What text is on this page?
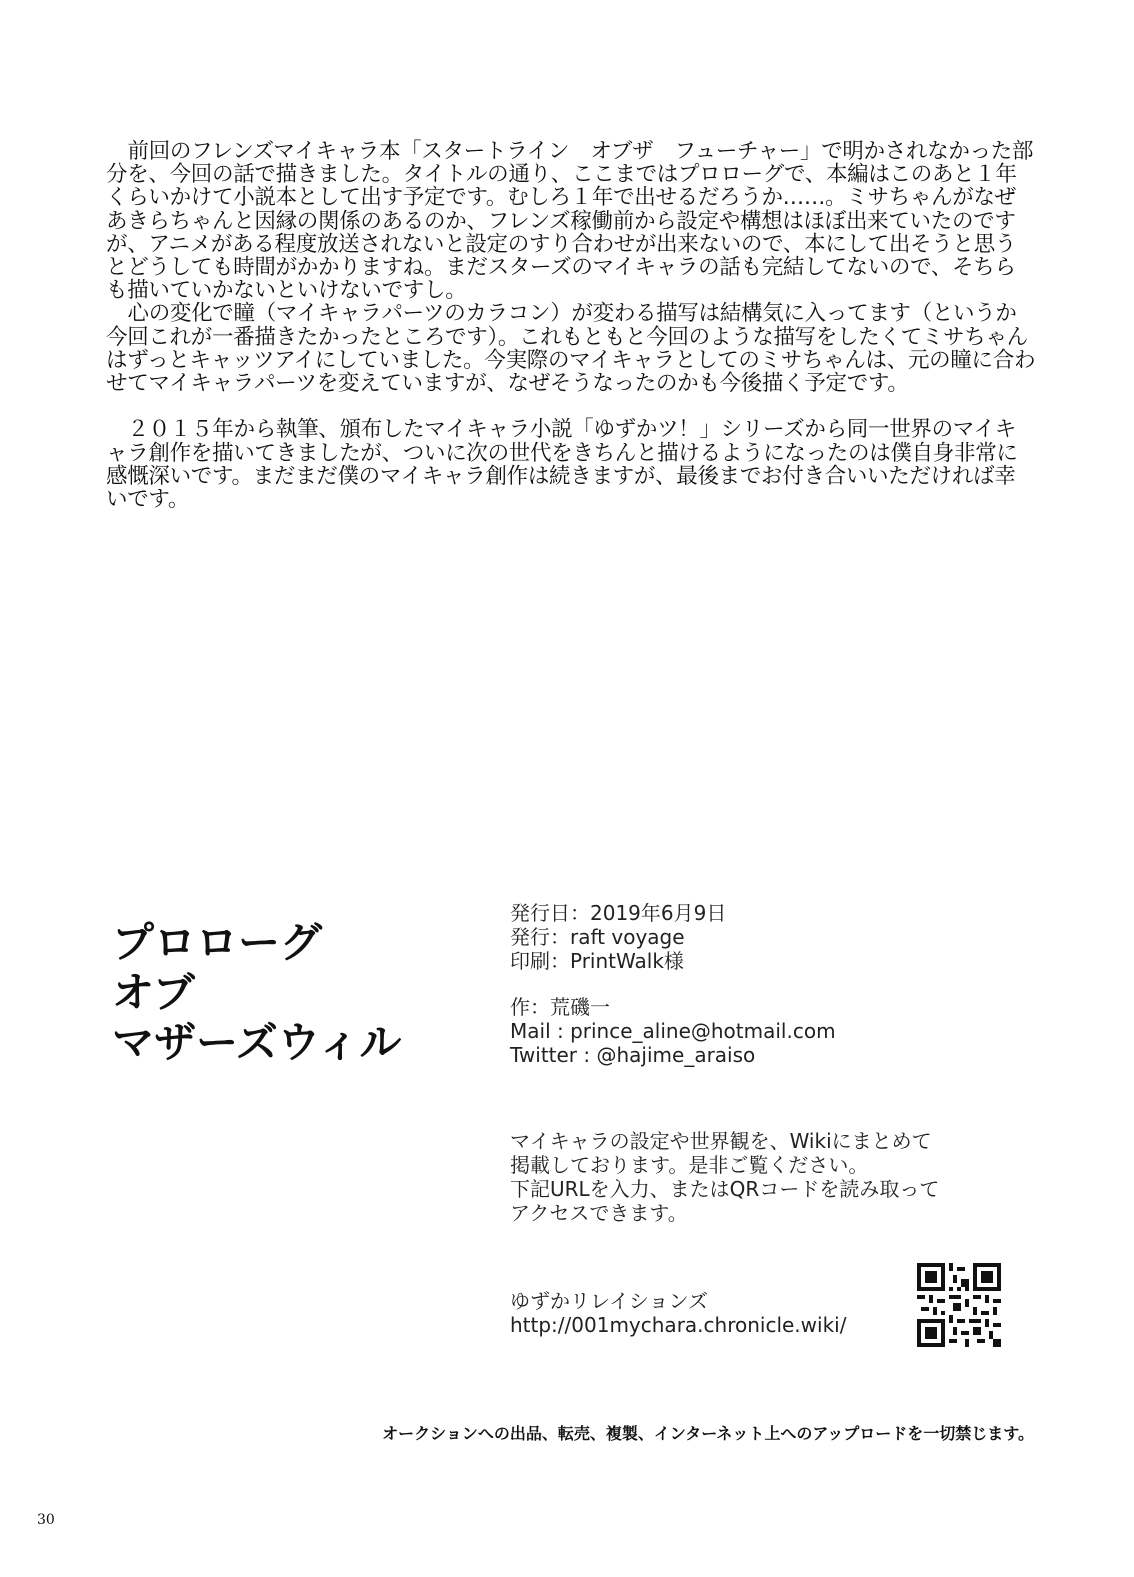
前回のフレンズマイキャラ本「スタートライン　オブザ　フューチャー」で明かされなかった部分を、今回の話で描きました。タイトルの通り、ここまではプロローグで、本編はこのあと１年くらいかけて小説本として出す予定です。むしろ１年で出せるだろうか……。ミサちゃんがなぜあきらちゃんと因縁の関係のあるのか、フレンズ稼働前から設定や構想はほぼ出来ていたのですが、アニメがある程度放送されないと設定のすり合わせが出来ないので、本にして出そうと思うとどうしても時間がかかりますね。まだスターズのマイキャラの話も完結してないので、そちらも描いていかないといけないですし。

心の変化で瞳（マイキャラパーツのカラコン）が変わる描写は結構気に入ってます（というか今回これが一番描きたかったところです）。これもともと今回のような描写をしたくてミサちゃんはずっとキャッツアイにしていました。今実際のマイキャラとしてのミサちゃんは、元の瞳に合わせてマイキャラパーツを変えていますが、なぜそうなったのかも今後描く予定です。

２０１５年から執筆、頒布したマイキャラ小説「ゆずかツ！」シリーズから同一世界のマイキャラ創作を描いてきましたが、ついに次の世代をきちんと描けるようになったのは僕自身非常に感慨深いです。まだまだ僕のマイキャラ創作は続きますが、最後までお付き合いいただければ幸いです。

プロローグ
オブ
マザーズウィル
発行日：2019年6月9日
発行：raft voyage
印刷：PrintWalk様
作：荒磯一
Mail : prince_aline@hotmail.com
Twitter : @hajime_araiso
マイキャラの設定や世界観を、Wikiにまとめて
掲載しております。是非ご覧ください。
下記URLを入力、またはQRコードを読み取って
アクセスできます。
ゆずかリレイションズ
http://001mychara.chronicle.wiki/
オークションへの出品、転売、複製、インターネット上へのアップロードを一切禁じます。
30
